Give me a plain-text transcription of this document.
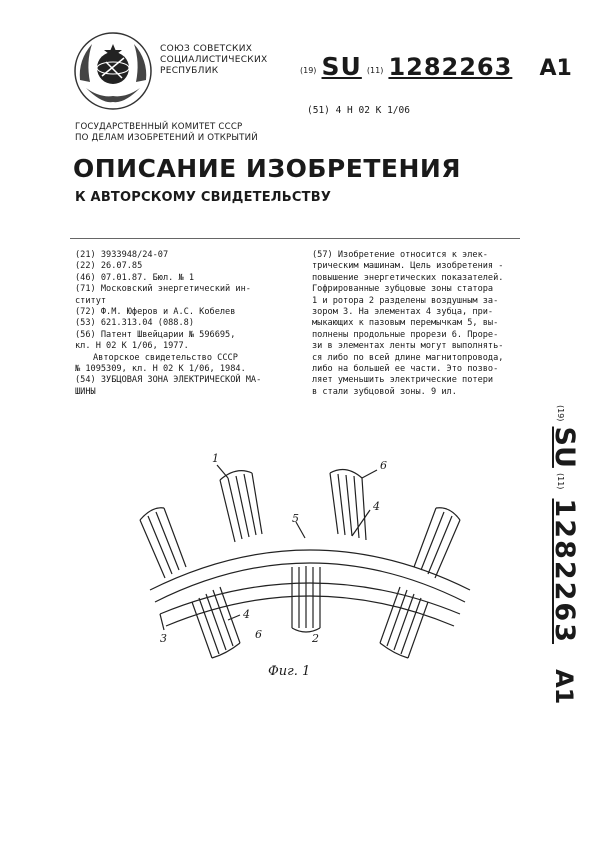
СОЮЗ СОВЕТСКИХ
СОЦИАЛИСТИЧЕСКИХ
РЕСПУБЛИК	(19) SU (11) 1282263 A1
(51) 4 Н 02 К 1/06
ГОСУДАРСТВЕННЫЙ КОМИТЕТ СССР
ПО ДЕЛАМ ИЗОБРЕТЕНИЙ И ОТКРЫТИЙ
ОПИСАНИЕ ИЗОБРЕТЕНИЯ
К АВТОРСКОМУ СВИДЕТЕЛЬСТВУ
(21) 3933948/24-07
(22) 26.07.85
(46) 07.01.87. Бюл. № 1
(71) Московский энергетический ин-
ститут
(72) Ф.М. Юферов и А.С. Кобелев
(53) 621.313.04 (088.8)
(56) Патент Швейцарии № 596695,
кл. Н 02 К 1/06, 1977.
Авторское свидетельство СССР
№ 1095309, кл. Н 02 К 1/06, 1984.
(54) ЗУБЦОВАЯ ЗОНА ЭЛЕКТРИЧЕСКОЙ МА-
ШИНЫ
(57) Изобретение относится к элек-
трическим машинам. Цель изобретения -
повышение энергетических показателей.
Гофрированные зубцовые зоны статора
1 и ротора 2 разделены воздушным за-
зором 3. На элементах 4 зубца, при-
мыкающих к пазовым перемычкам 5, вы-
полнены продольные прорези 6. Проре-
зи в элементах ленты могут выполнять-
ся либо по всей длине магнитопровода,
либо на большей ее части. Это позво-
ляет уменьшить электрические потери
в стали зубцовой зоны. 9 ил.
(19) SU (11) 1282263 A1
1
6
4
5
4
3	6	2
Фиг. 1
